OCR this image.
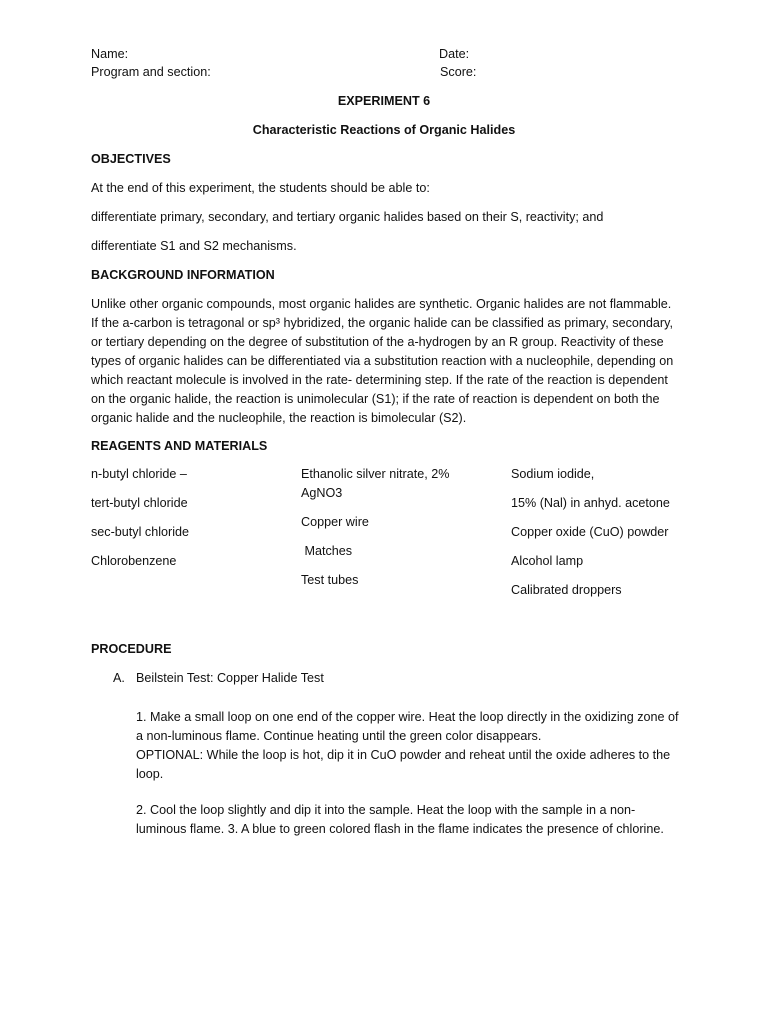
Name:	Date:
Program and section:	Score:
EXPERIMENT 6
Characteristic Reactions of Organic Halides
OBJECTIVES
At the end of this experiment, the students should be able to:
differentiate primary, secondary, and tertiary organic halides based on their S, reactivity; and
differentiate S1 and S2 mechanisms.
BACKGROUND INFORMATION
Unlike other organic compounds, most organic halides are synthetic. Organic halides are not flammable. If the a-carbon is tetragonal or sp³ hybridized, the organic halide can be classified as primary, secondary, or tertiary depending on the degree of substitution of the a-hydrogen by an R group. Reactivity of these types of organic halides can be differentiated via a substitution reaction with a nucleophile, depending on which reactant molecule is involved in the rate- determining step. If the rate of the reaction is dependent on the organic halide, the reaction is unimolecular (S1); if the rate of reaction is dependent on both the organic halide and the nucleophile, the reaction is bimolecular (S2).
REAGENTS AND MATERIALS
n-butyl chloride –
tert-butyl chloride
sec-butyl chloride
Chlorobenzene
Ethanolic silver nitrate, 2% AgNO3
Copper wire
Matches
Test tubes
Sodium iodide,
15% (Nal) in anhyd. acetone
Copper oxide (CuO) powder
Alcohol lamp
Calibrated droppers
PROCEDURE
A. Beilstein Test: Copper Halide Test

1. Make a small loop on one end of the copper wire. Heat the loop directly in the oxidizing zone of a non-luminous flame. Continue heating until the green color disappears.

OPTIONAL: While the loop is hot, dip it in CuO powder and reheat until the oxide adheres to the loop.

2. Cool the loop slightly and dip it into the sample. Heat the loop with the sample in a non-luminous flame. 3. A blue to green colored flash in the flame indicates the presence of chlorine.
